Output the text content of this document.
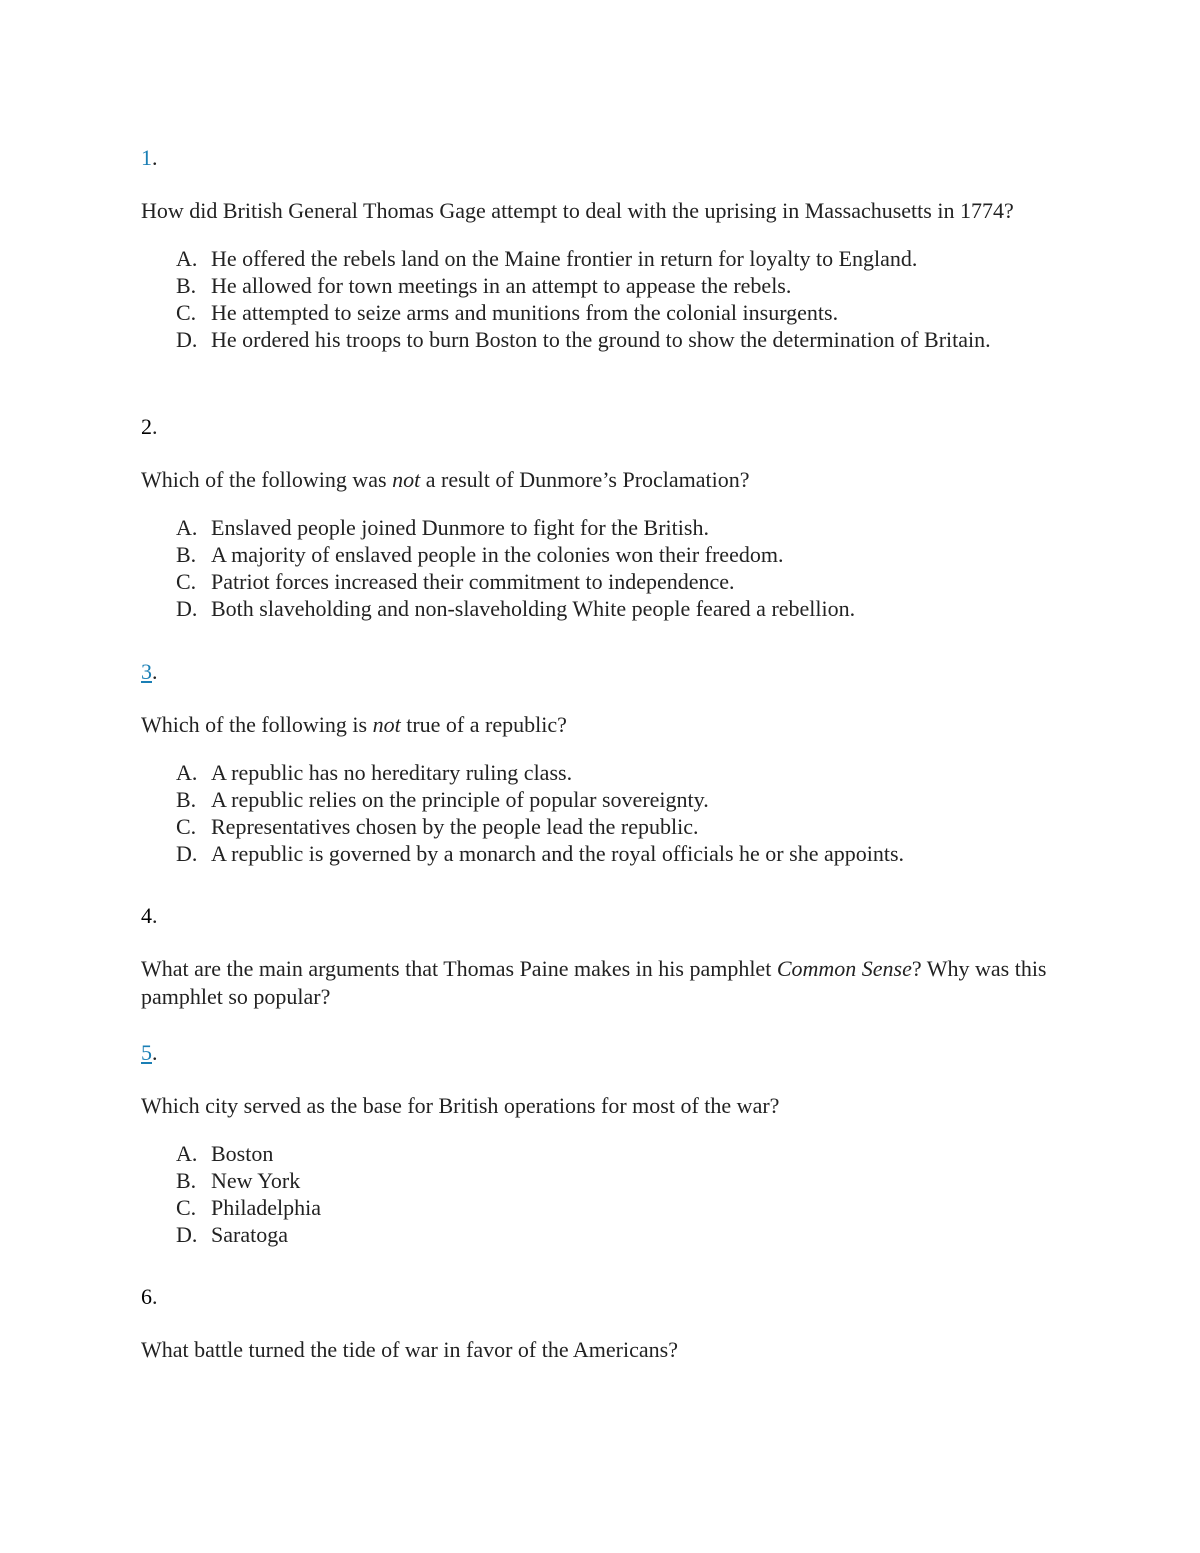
1.
How did British General Thomas Gage attempt to deal with the uprising in Massachusetts in 1774?
A. He offered the rebels land on the Maine frontier in return for loyalty to England.
B. He allowed for town meetings in an attempt to appease the rebels.
C. He attempted to seize arms and munitions from the colonial insurgents.
D. He ordered his troops to burn Boston to the ground to show the determination of Britain.
2.
Which of the following was not a result of Dunmore’s Proclamation?
A. Enslaved people joined Dunmore to fight for the British.
B. A majority of enslaved people in the colonies won their freedom.
C. Patriot forces increased their commitment to independence.
D. Both slaveholding and non-slaveholding White people feared a rebellion.
3.
Which of the following is not true of a republic?
A. A republic has no hereditary ruling class.
B. A republic relies on the principle of popular sovereignty.
C. Representatives chosen by the people lead the republic.
D. A republic is governed by a monarch and the royal officials he or she appoints.
4.
What are the main arguments that Thomas Paine makes in his pamphlet Common Sense? Why was this pamphlet so popular?
5.
Which city served as the base for British operations for most of the war?
A. Boston
B. New York
C. Philadelphia
D. Saratoga
6.
What battle turned the tide of war in favor of the Americans?
